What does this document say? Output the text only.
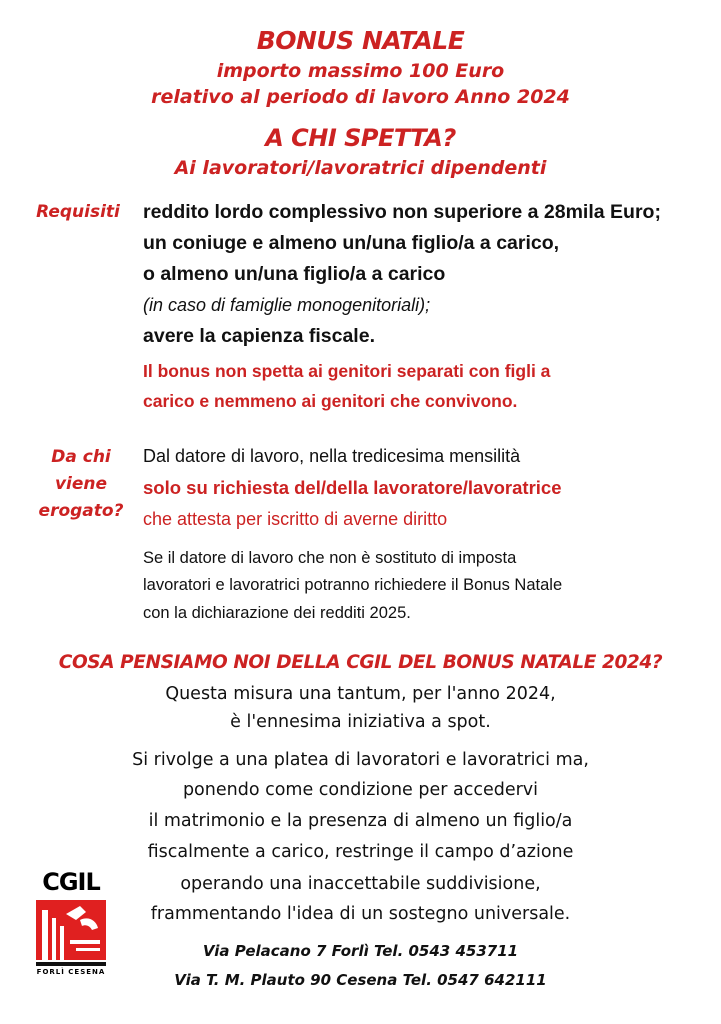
BONUS NATALE
importo massimo 100 Euro
relativo al periodo di lavoro Anno 2024
A CHI SPETTA?
Ai lavoratori/lavoratrici dipendenti
Requisiti	reddito lordo complessivo non superiore a 28mila Euro;
un coniuge e almeno un/una figlio/a a carico,
o almeno un/una figlio/a a carico
(in caso di famiglie monogenitoriali);
avere la capienza fiscale.
Il bonus non spetta ai genitori separati con figli a
carico e nemmeno ai genitori che convivono.
Da chi
viene
erogato?
Dal datore di lavoro, nella tredicesima mensilità
solo su richiesta del/della lavoratore/lavoratrice
che attesta per iscritto di averne diritto
Se il datore di lavoro che non è sostituto di imposta
lavoratori e lavoratrici potranno richiedere il Bonus Natale
con la dichiarazione dei redditi 2025.
COSA PENSIAMO NOI DELLA CGIL DEL BONUS NATALE 2024?
Questa misura una tantum, per l'anno 2024,
è l'ennesima iniziativa a spot.
Si rivolge a una platea di lavoratori e lavoratrici ma,
ponendo come condizione per accedervi
il matrimonio e la presenza di almeno un figlio/a
fiscalmente a carico, restringe il campo d’azione
operando una inaccettabile suddivisione,
frammentando l'idea di un sostegno universale.
CGIL
FORLÌ CESENA
Via Pelacano 7 Forlì Tel. 0543 453711
Via T. M. Plauto 90 Cesena Tel. 0547 642111
